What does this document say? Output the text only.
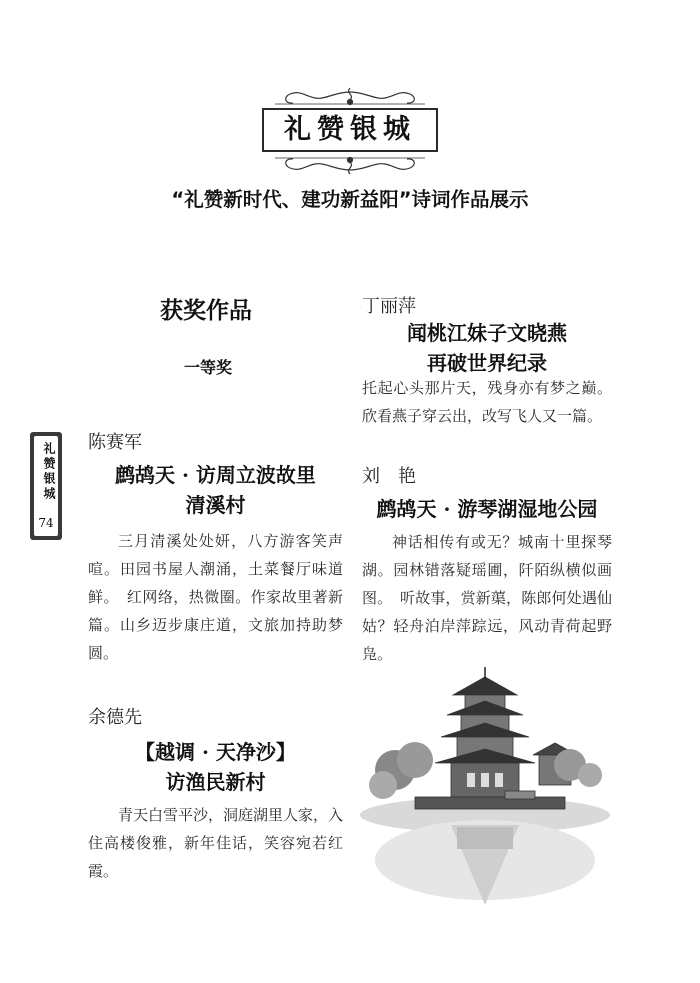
礼赞银城
“礼赞新时代、建功新益阳”诗词作品展示
礼赞银城
74
获奖作品
一等奖
陈赛军
鹧鸪天 · 访周立波故里
清溪村
三月清溪处处妍，八方游客笑声喧。田园书屋人潮涌，土菜餐厅味道鲜。　红网络，热微圈。作家故里著新篇。山乡迈步康庄道，文旅加持助梦圆。
余德先
【越调 · 天净沙】
访渔民新村
青天白雪平沙，洞庭湖里人家，入住高楼俊雅，新年佳话，笑容宛若红霞。
丁丽萍
闻桃江妹子文晓燕
再破世界纪录
托起心头那片天，残身亦有梦之巅。欣看燕子穿云出，改写飞人又一篇。
刘　艳
鹧鸪天 · 游琴湖湿地公园
神话相传有或无？城南十里探琴湖。园林错落疑瑶圃，阡陌纵横似画图。　听故事，赏新蕖，陈郎何处遇仙姑？轻舟泊岸萍踪远，风动青荷起野凫。
